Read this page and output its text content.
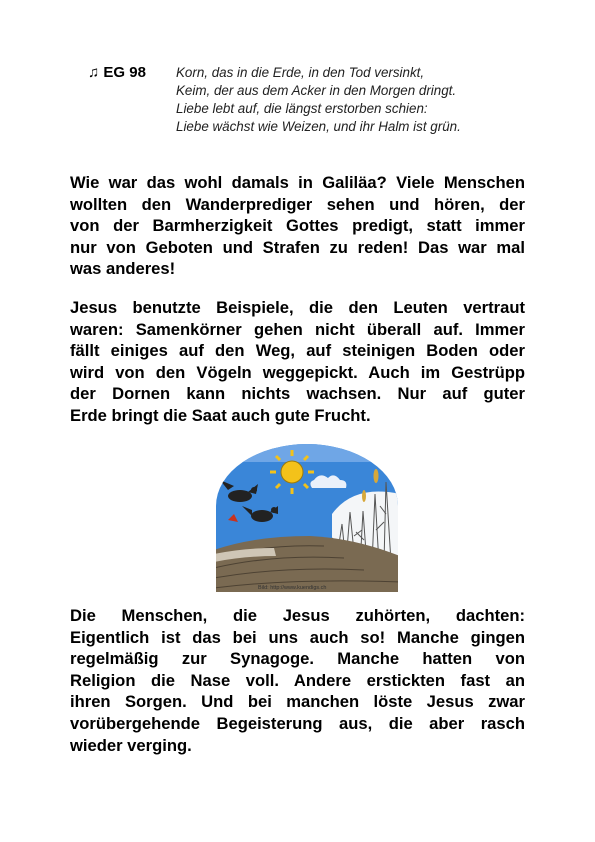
♫ EG 98 Korn, das in die Erde, in den Tod versinkt,
Keim, der aus dem Acker in den Morgen dringt.
Liebe lebt auf, die längst erstorben schien:
Liebe wächst wie Weizen, und ihr Halm ist grün.
Wie war das wohl damals in Galiläa? Viele Menschen
wollten den Wanderprediger sehen und hören, der
von der Barmherzigkeit Gottes predigt, statt immer
nur von Geboten und Strafen zu reden! Das war mal
was anderes!
Jesus benutzte Beispiele, die den Leuten vertraut
waren: Samenkörner gehen nicht überall auf. Immer
fällt einiges auf den Weg, auf steinigen Boden oder
wird von den Vögeln weggepickt. Auch im Gestrüpp
der Dornen kann nichts wachsen. Nur auf guter
Erde bringt die Saat auch gute Frucht.
Bild: http://www.kuendigs.ch
Die Menschen, die Jesus zuhörten, dachten:
Eigentlich ist das bei uns auch so! Manche gingen
regelmäßig zur Synagoge. Manche hatten von
Religion die Nase voll. Andere erstickten fast an
ihren Sorgen. Und bei manchen löste Jesus zwar
vorübergehende Begeisterung aus, die aber rasch
wieder verging.
